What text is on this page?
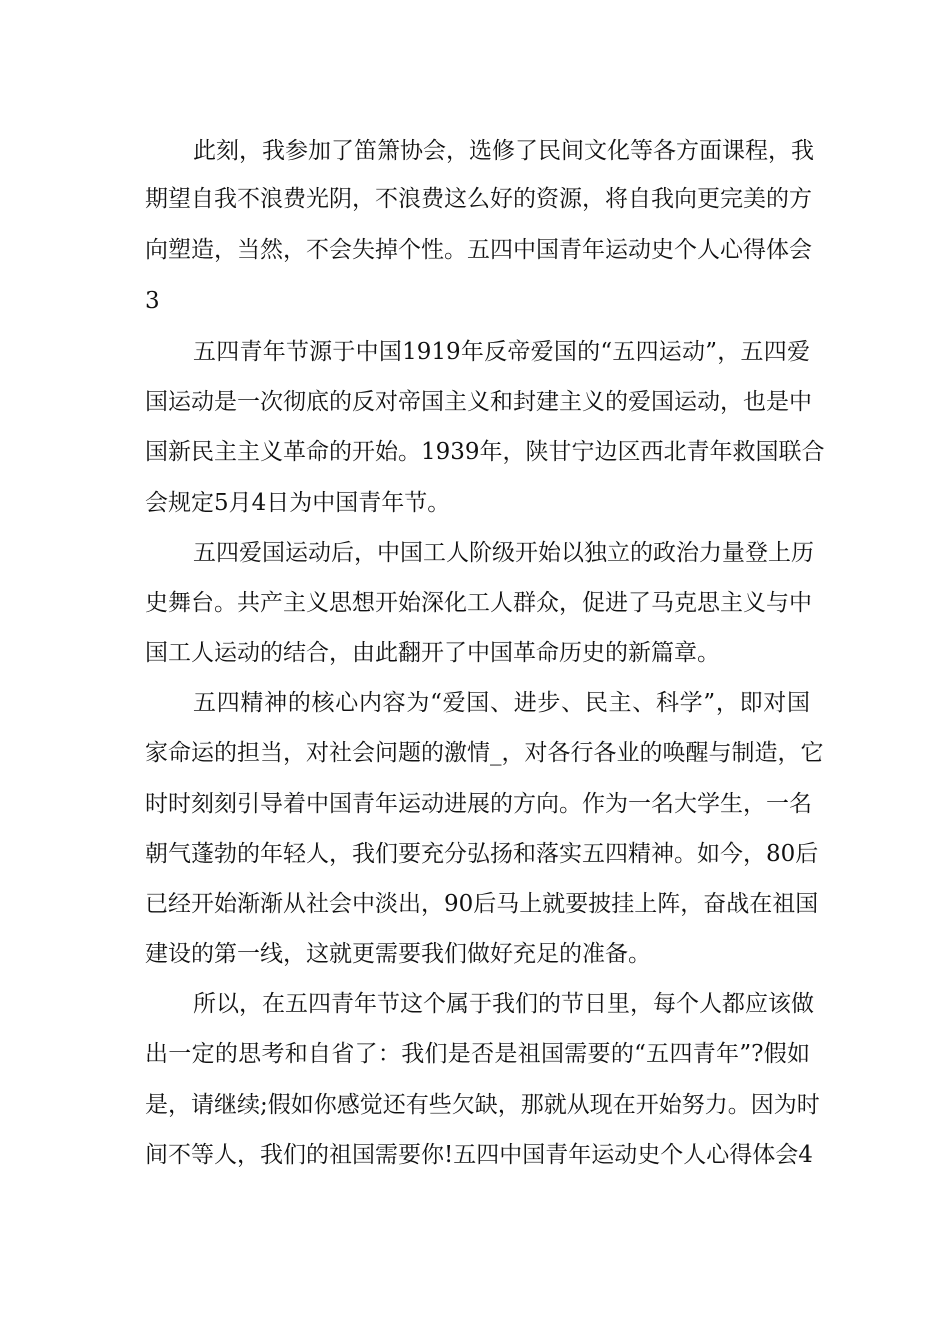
此刻，我参加了笛箫协会，选修了民间文化等各方面课程，我
期望自我不浪费光阴，不浪费这么好的资源，将自我向更完美的方
向塑造，当然，不会失掉个性。五四中国青年运动史个人心得体会
3
五四青年节源于中国1919年反帝爱国的“五四运动”，五四爱
国运动是一次彻底的反对帝国主义和封建主义的爱国运动，也是中
国新民主主义革命的开始。1939年，陕甘宁边区西北青年救国联合
会规定5月4日为中国青年节。
五四爱国运动后，中国工人阶级开始以独立的政治力量登上历
史舞台。共产主义思想开始深化工人群众，促进了马克思主义与中
国工人运动的结合，由此翻开了中国革命历史的新篇章。
五四精神的核心内容为“爱国、进步、民主、科学”，即对国
家命运的担当，对社会问题的激情_，对各行各业的唤醒与制造，它
时时刻刻引导着中国青年运动进展的方向。作为一名大学生，一名
朝气蓬勃的年轻人，我们要充分弘扬和落实五四精神。如今，80后
已经开始渐渐从社会中淡出，90后马上就要披挂上阵，奋战在祖国
建设的第一线，这就更需要我们做好充足的准备。
所以，在五四青年节这个属于我们的节日里，每个人都应该做
出一定的思考和自省了：我们是否是祖国需要的“五四青年”?假如
是，请继续;假如你感觉还有些欠缺，那就从现在开始努力。因为时
间不等人，我们的祖国需要你!五四中国青年运动史个人心得体会4
